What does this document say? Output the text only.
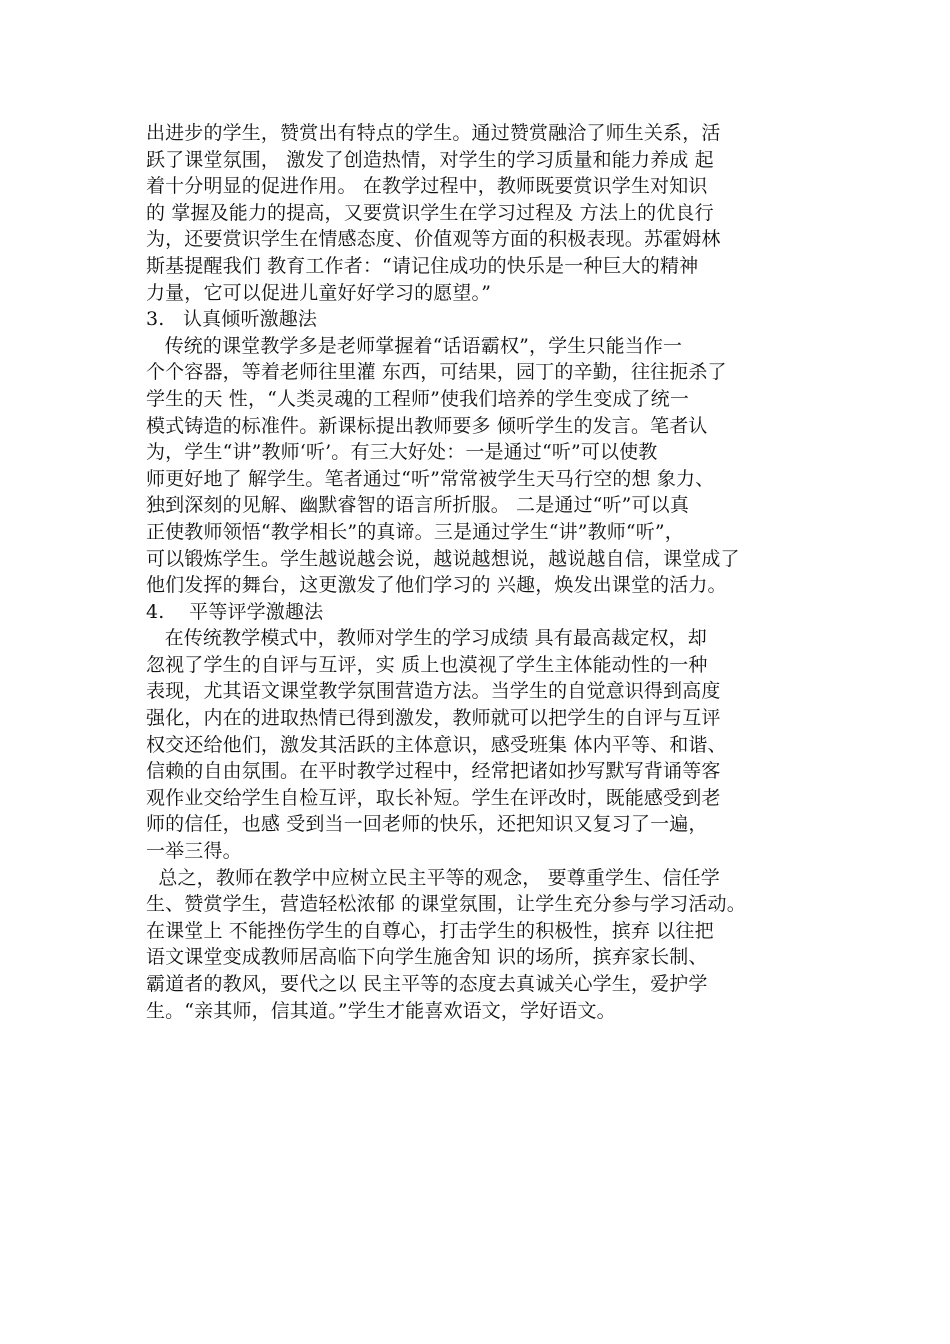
出进步的学生，赞赏出有特点的学生。通过赞赏融洽了师生关系，活
跃了课堂氛围， 激发了创造热情，对学生的学习质量和能力养成 起
着十分明显的促进作用。 在教学过程中，教师既要赏识学生对知识
的 掌握及能力的提高，又要赏识学生在学习过程及 方法上的优良行
为，还要赏识学生在情感态度、价值观等方面的积极表现。苏霍姆林
斯基提醒我们 教育工作者：“请记住成功的快乐是一种巨大的精神
力量，它可以促进儿童好好学习的愿望。”
3.   认真倾听激趣法
传统的课堂教学多是老师掌握着“话语霸权”，学生只能当作一
个个容器，等着老师往里灌 东西，可结果，园丁的辛勤，往往扼杀了
学生的天 性，“人类灵魂的工程师”使我们培养的学生变成了统一
模式铸造的标准件。新课标提出教师要多 倾听学生的发言。笔者认
为，学生“讲”教师‘听’。有三大好处：一是通过“听”可以使教
师更好地了 解学生。笔者通过“听”常常被学生天马行空的想 象力、
独到深刻的见解、幽默睿智的语言所折服。 二是通过“听”可以真
正使教师领悟“教学相长”的真谛。三是通过学生“讲”教师“听”，
可以锻炼学生。学生越说越会说，越说越想说，越说越自信，课堂成了
他们发挥的舞台，这更激发了他们学习的 兴趣，焕发出课堂的活力。
4.    平等评学激趣法
在传统教学模式中，教师对学生的学习成绩 具有最高裁定权，却
忽视了学生的自评与互评，实 质上也漠视了学生主体能动性的一种
表现，尤其语文课堂教学氛围营造方法。当学生的自觉意识得到高度
强化，内在的进取热情已得到激发，教师就可以把学生的自评与互评
权交还给他们，激发其活跃的主体意识，感受班集 体内平等、和谐、
信赖的自由氛围。在平时教学过程中，经常把诸如抄写默写背诵等客
观作业交给学生自检互评，取长补短。学生在评改时，既能感受到老
师的信任，也感 受到当一回老师的快乐，还把知识又复习了一遍，
一举三得。
总之，教师在教学中应树立民主平等的观念， 要尊重学生、信任学
生、赞赏学生，营造轻松浓郁 的课堂氛围，让学生充分参与学习活动。
在课堂上 不能挫伤学生的自尊心，打击学生的积极性，摈弃 以往把
语文课堂变成教师居高临下向学生施舍知 识的场所，摈弃家长制、
霸道者的教风，要代之以 民主平等的态度去真诚关心学生，爱护学
生。“亲其师，信其道。”学生才能喜欢语文，学好语文。
